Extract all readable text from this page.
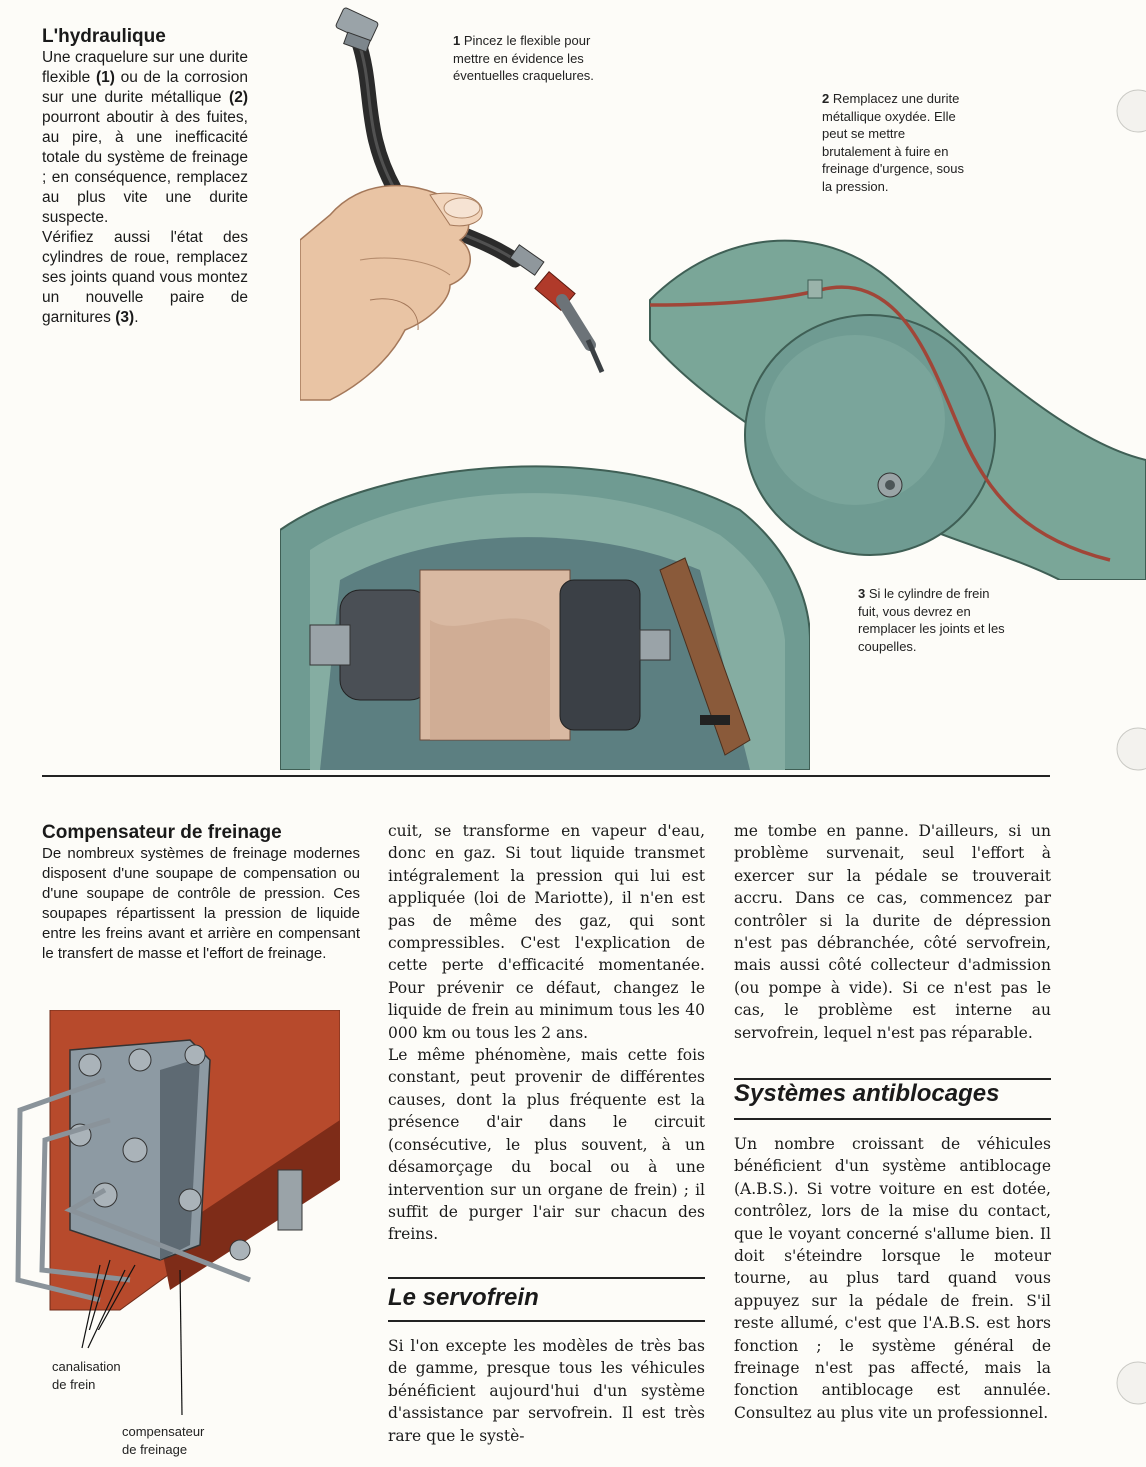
L'hydraulique

Une craquelure sur une durite flexible (1) ou de la corrosion sur une durite métallique (2) pourront aboutir à des fuites, au pire, à une inefficacité totale du système de freinage ; en conséquence, remplacez au plus vite une durite suspecte.

Vérifiez aussi l'état des cylindres de roue, remplacez ses joints quand vous montez un nouvelle paire de garnitures (3).

1 Pincez le flexible pour mettre en évidence les éventuelles craquelures.
2 Remplacez une durite métallique oxydée. Elle peut se mettre brutalement à fuire en freinage d'urgence, sous la pression.
3 Si le cylindre de frein fuit, vous devrez en remplacer les joints et les coupelles.
Compensateur de freinage

De nombreux systèmes de freinage modernes disposent d'une soupape de compensation ou d'une soupape de contrôle de pression. Ces soupapes répartissent la pression de liquide entre les freins avant et arrière en compensant le transfert de masse et l'effort de freinage.

canalisation
de frein
compensateur
de freinage

cuit, se transforme en vapeur d'eau, donc en gaz. Si tout liquide transmet intégralement la pression qui lui est appliquée (loi de Mariotte), il n'en est pas de même des gaz, qui sont compressibles. C'est l'explication de cette perte d'efficacité momentanée. Pour prévenir ce défaut, changez le liquide de frein au minimum tous les 40 000 km ou tous les 2 ans.

Le même phénomène, mais cette fois constant, peut provenir de différentes causes, dont la plus fréquente est la présence d'air dans le circuit (consécutive, le plus souvent, à un désamorçage du bocal ou à une intervention sur un organe de frein) ; il suffit de purger l'air sur chacun des freins.

Le servofrein

Si l'on excepte les modèles de très bas de gamme, presque tous les véhicules bénéficient aujourd'hui d'un système d'assistance par servofrein. Il est très rare que le systè-

me tombe en panne. D'ailleurs, si un problème survenait, seul l'effort à exercer sur la pédale se trouverait accru. Dans ce cas, commencez par contrôler si la durite de dépression n'est pas débranchée, côté servofrein, mais aussi côté collecteur d'admission (ou pompe à vide). Si ce n'est pas le cas, le problème est interne au servofrein, lequel n'est pas réparable.

Systèmes antiblocages

Un nombre croissant de véhicules bénéficient d'un système antiblocage (A.B.S.). Si votre voiture en est dotée, contrôlez, lors de la mise du contact, que le voyant concerné s'allume bien. Il doit s'éteindre lorsque le moteur tourne, au plus tard quand vous appuyez sur la pédale de frein. S'il reste allumé, c'est que l'A.B.S. est hors fonction ; le système général de freinage n'est pas affecté, mais la fonction antiblocage est annulée. Consultez au plus vite un professionnel.
